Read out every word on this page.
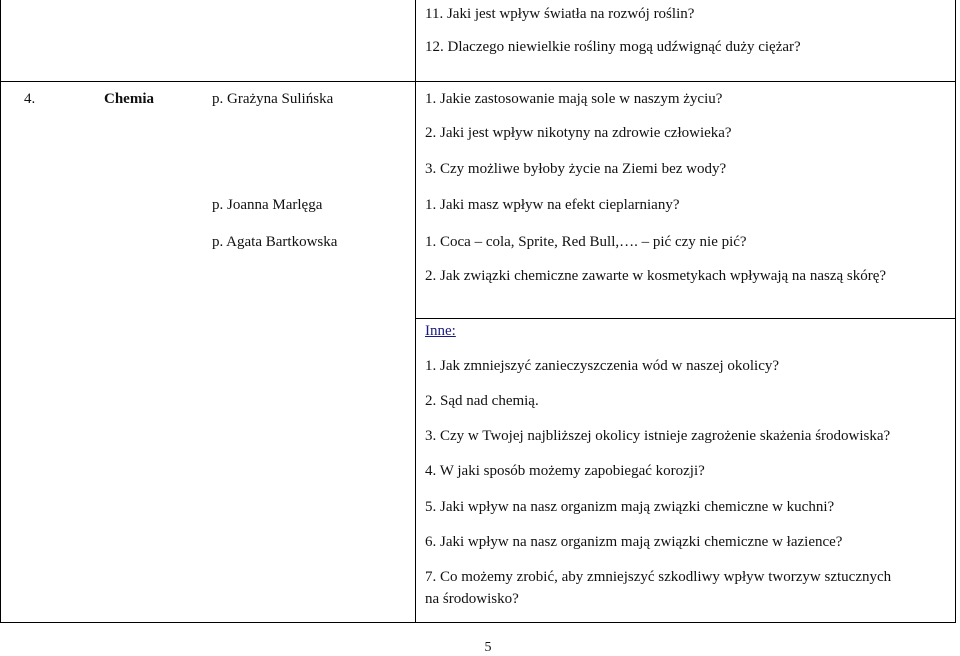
11. Jaki jest wpływ światła na rozwój roślin?
12. Dlaczego niewielkie rośliny mogą udźwignąć duży ciężar?
4.	Chemia	p. Grażyna Sulińska	1. Jakie zastosowanie mają sole w naszym życiu?
2. Jaki jest wpływ nikotyny na zdrowie człowieka?
3. Czy możliwe byłoby życie na Ziemi bez wody?
p. Joanna Marlęga	1. Jaki masz wpływ na efekt cieplarniany?
p. Agata Bartkowska	1. Coca – cola, Sprite, Red Bull,…. – pić czy nie pić?
2. Jak związki chemiczne zawarte w kosmetykach wpływają na naszą skórę?
Inne:
1. Jak zmniejszyć zanieczyszczenia wód w naszej okolicy?
2. Sąd nad chemią.
3. Czy w Twojej najbliższej okolicy istnieje zagrożenie skażenia środowiska?
4. W jaki sposób możemy zapobiegać korozji?
5. Jaki wpływ na nasz organizm mają związki chemiczne w kuchni?
6. Jaki wpływ na nasz organizm mają związki chemiczne w łazience?
7. Co możemy zrobić, aby zmniejszyć szkodliwy wpływ tworzyw sztucznych
na środowisko?
5
